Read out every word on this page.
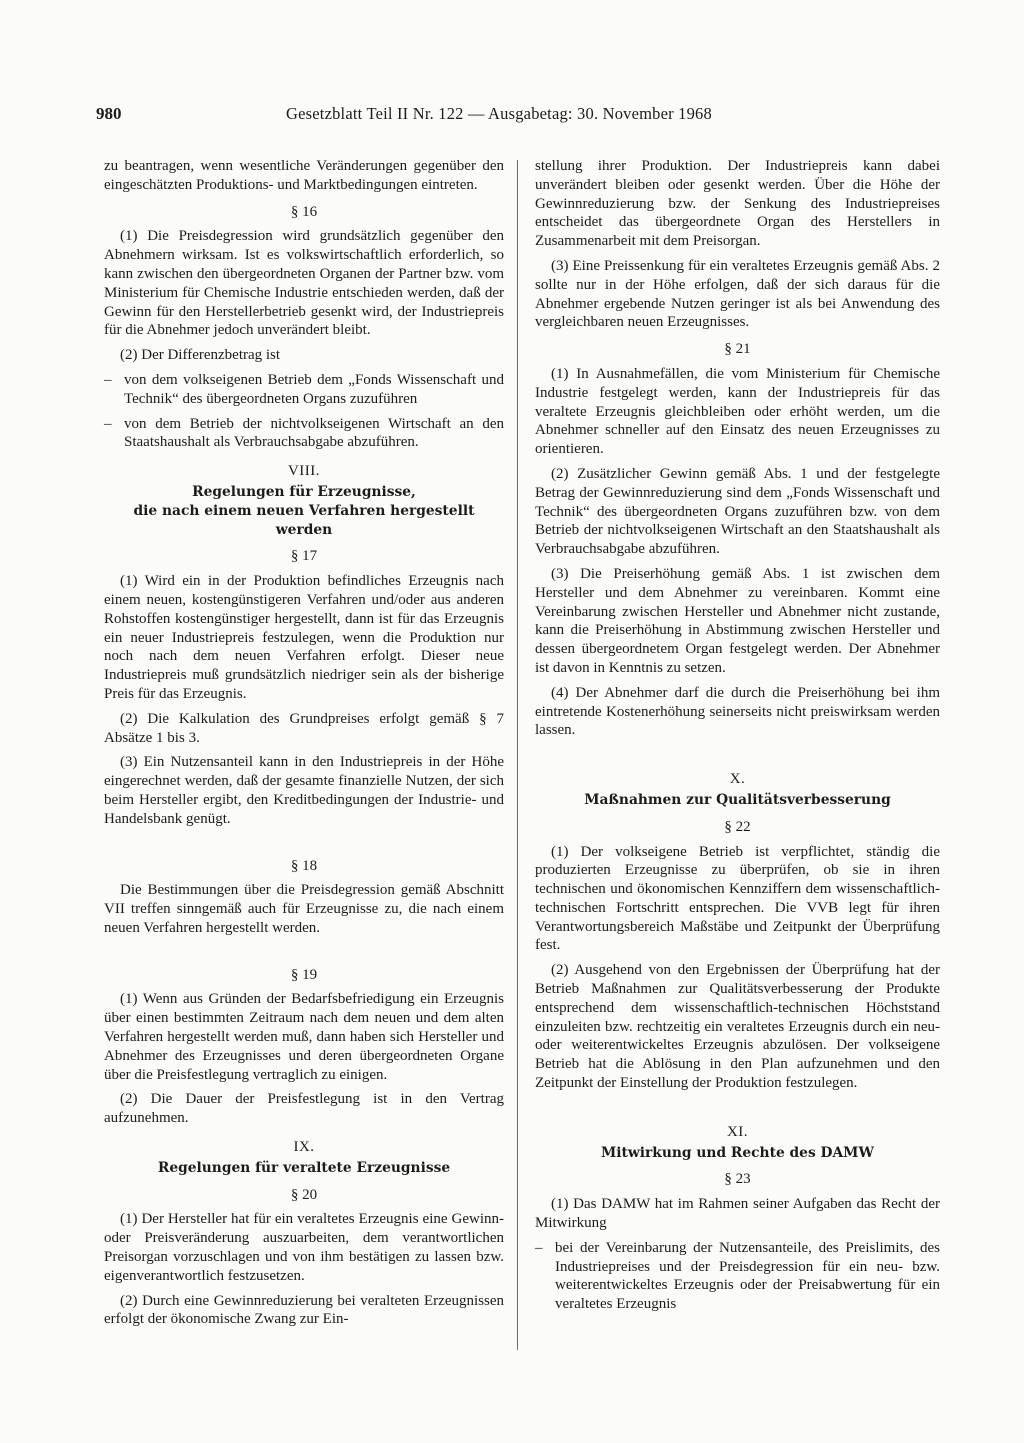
980	Gesetzblatt Teil II Nr. 122 — Ausgabetag: 30. November 1968

zu beantragen, wenn wesentliche Veränderungen gegenüber den eingeschätzten Produktions- und Marktbedingungen eintreten.

§ 16

(1) Die Preisdegression wird grundsätzlich gegenüber den Abnehmern wirksam. Ist es volkswirtschaftlich erforderlich, so kann zwischen den übergeordneten Organen der Partner bzw. vom Ministerium für Chemische Industrie entschieden werden, daß der Gewinn für den Herstellerbetrieb gesenkt wird, der Industriepreis für die Abnehmer jedoch unverändert bleibt.

(2) Der Differenzbetrag ist

– von dem volkseigenen Betrieb dem „Fonds Wissenschaft und Technik“ des übergeordneten Organs zuzuführen
– von dem Betrieb der nichtvolkseigenen Wirtschaft an den Staatshaushalt als Verbrauchsabgabe abzuführen.
VIII.
Regelungen für Erzeugnisse,
die nach einem neuen Verfahren hergestellt werden
§ 17

(1) Wird ein in der Produktion befindliches Erzeugnis nach einem neuen, kostengünstigeren Verfahren und/oder aus anderen Rohstoffen kostengünstiger hergestellt, dann ist für das Erzeugnis ein neuer Industriepreis festzulegen, wenn die Produktion nur noch nach dem neuen Verfahren erfolgt. Dieser neue Industriepreis muß grundsätzlich niedriger sein als der bisherige Preis für das Erzeugnis.

(2) Die Kalkulation des Grundpreises erfolgt gemäß § 7 Absätze 1 bis 3.

(3) Ein Nutzensanteil kann in den Industriepreis in der Höhe eingerechnet werden, daß der gesamte finanzielle Nutzen, der sich beim Hersteller ergibt, den Kreditbedingungen der Industrie- und Handelsbank genügt.

§ 18

Die Bestimmungen über die Preisdegression gemäß Abschnitt VII treffen sinngemäß auch für Erzeugnisse zu, die nach einem neuen Verfahren hergestellt werden.

§ 19

(1) Wenn aus Gründen der Bedarfsbefriedigung ein Erzeugnis über einen bestimmten Zeitraum nach dem neuen und dem alten Verfahren hergestellt werden muß, dann haben sich Hersteller und Abnehmer des Erzeugnisses und deren übergeordneten Organe über die Preisfestlegung vertraglich zu einigen.

(2) Die Dauer der Preisfestlegung ist in den Vertrag aufzunehmen.

IX.
Regelungen für veraltete Erzeugnisse
§ 20

(1) Der Hersteller hat für ein veraltetes Erzeugnis eine Gewinn- oder Preisveränderung auszuarbeiten, dem verantwortlichen Preisorgan vorzuschlagen und von ihm bestätigen zu lassen bzw. eigenverantwortlich festzusetzen.

(2) Durch eine Gewinnreduzierung bei veralteten Erzeugnissen erfolgt der ökonomische Zwang zur Ein-

stellung ihrer Produktion. Der Industriepreis kann dabei unverändert bleiben oder gesenkt werden. Über die Höhe der Gewinnreduzierung bzw. der Senkung des Industriepreises entscheidet das übergeordnete Organ des Herstellers in Zusammenarbeit mit dem Preisorgan.

(3) Eine Preissenkung für ein veraltetes Erzeugnis gemäß Abs. 2 sollte nur in der Höhe erfolgen, daß der sich daraus für die Abnehmer ergebende Nutzen geringer ist als bei Anwendung des vergleichbaren neuen Erzeugnisses.

§ 21

(1) In Ausnahmefällen, die vom Ministerium für Chemische Industrie festgelegt werden, kann der Industriepreis für das veraltete Erzeugnis gleichbleiben oder erhöht werden, um die Abnehmer schneller auf den Einsatz des neuen Erzeugnisses zu orientieren.

(2) Zusätzlicher Gewinn gemäß Abs. 1 und der festgelegte Betrag der Gewinnreduzierung sind dem „Fonds Wissenschaft und Technik“ des übergeordneten Organs zuzuführen bzw. von dem Betrieb der nichtvolkseigenen Wirtschaft an den Staatshaushalt als Verbrauchsabgabe abzuführen.

(3) Die Preiserhöhung gemäß Abs. 1 ist zwischen dem Hersteller und dem Abnehmer zu vereinbaren. Kommt eine Vereinbarung zwischen Hersteller und Abnehmer nicht zustande, kann die Preiserhöhung in Abstimmung zwischen Hersteller und dessen übergeordnetem Organ festgelegt werden. Der Abnehmer ist davon in Kenntnis zu setzen.

(4) Der Abnehmer darf die durch die Preiserhöhung bei ihm eintretende Kostenerhöhung seinerseits nicht preiswirksam werden lassen.

X.
Maßnahmen zur Qualitätsverbesserung
§ 22

(1) Der volkseigene Betrieb ist verpflichtet, ständig die produzierten Erzeugnisse zu überprüfen, ob sie in ihren technischen und ökonomischen Kennziffern dem wissenschaftlich-technischen Fortschritt entsprechen. Die VVB legt für ihren Verantwortungsbereich Maßstäbe und Zeitpunkt der Überprüfung fest.

(2) Ausgehend von den Ergebnissen der Überprüfung hat der Betrieb Maßnahmen zur Qualitätsverbesserung der Produkte entsprechend dem wissenschaftlich-technischen Höchststand einzuleiten bzw. rechtzeitig ein veraltetes Erzeugnis durch ein neu- oder weiterentwickeltes Erzeugnis abzulösen. Der volkseigene Betrieb hat die Ablösung in den Plan aufzunehmen und den Zeitpunkt der Einstellung der Produktion festzulegen.

XI.
Mitwirkung und Rechte des DAMW
§ 23

(1) Das DAMW hat im Rahmen seiner Aufgaben das Recht der Mitwirkung

– bei der Vereinbarung der Nutzensanteile, des Preislimits, des Industriepreises und der Preisdegression für ein neu- bzw. weiterentwickeltes Erzeugnis oder der Preisabwertung für ein veraltetes Erzeugnis
